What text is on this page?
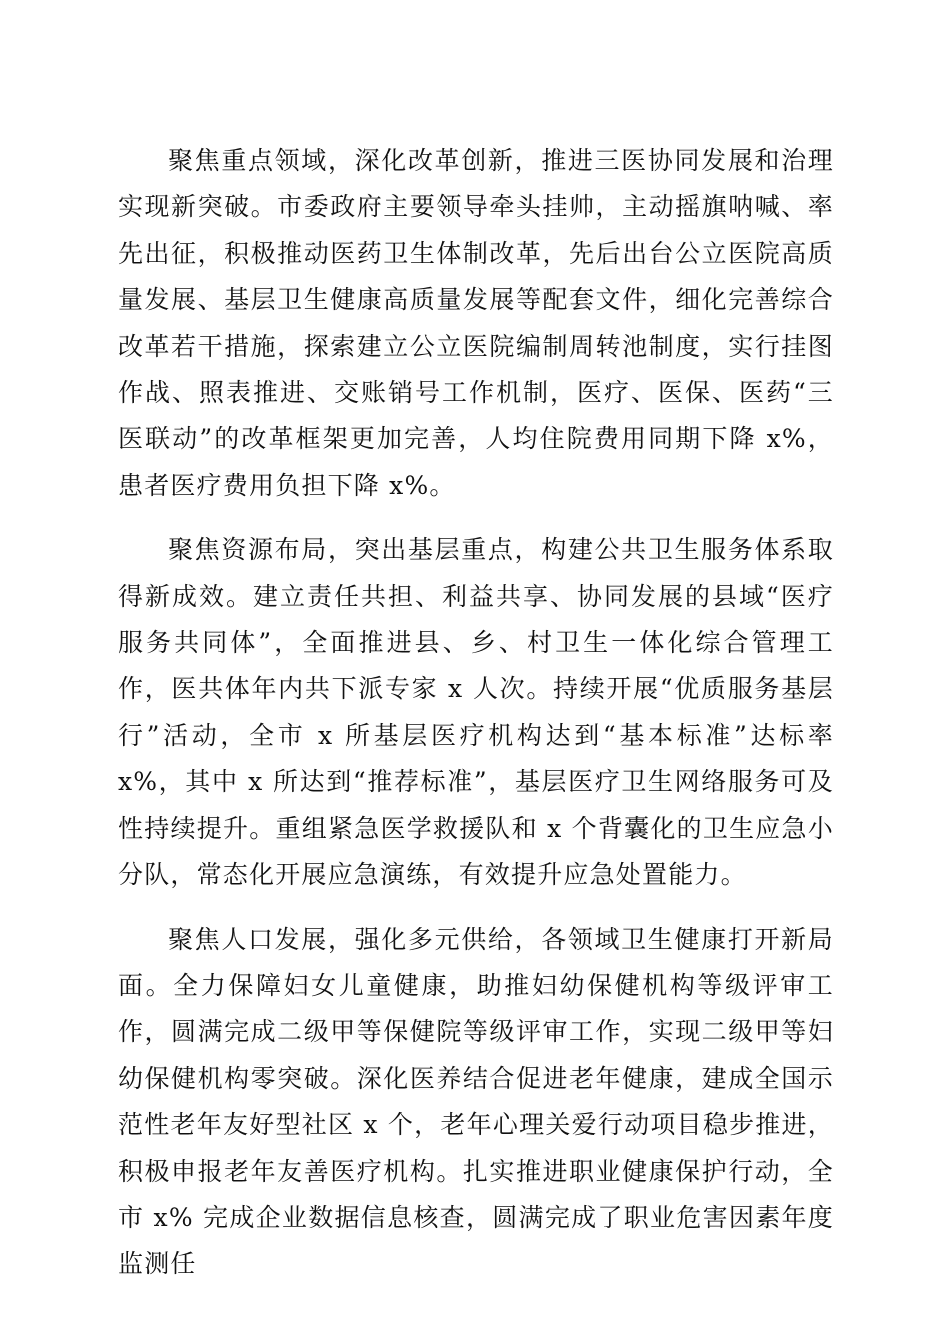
聚焦重点领域，深化改革创新，推进三医协同发展和治理实现新突破。市委政府主要领导牵头挂帅，主动摇旗呐喊、率先出征，积极推动医药卫生体制改革，先后出台公立医院高质量发展、基层卫生健康高质量发展等配套文件，细化完善综合改革若干措施，探索建立公立医院编制周转池制度，实行挂图作战、照表推进、交账销号工作机制，医疗、医保、医药“三医联动”的改革框架更加完善，人均住院费用同期下降 x%，患者医疗费用负担下降 x%。

聚焦资源布局，突出基层重点，构建公共卫生服务体系取得新成效。建立责任共担、利益共享、协同发展的县域“医疗服务共同体”，全面推进县、乡、村卫生一体化综合管理工作，医共体年内共下派专家 x 人次。持续开展“优质服务基层行”活动，全市 x 所基层医疗机构达到“基本标准”达标率 x%，其中 x 所达到“推荐标准”，基层医疗卫生网络服务可及性持续提升。重组紧急医学救援队和 x 个背囊化的卫生应急小分队，常态化开展应急演练，有效提升应急处置能力。

聚焦人口发展，强化多元供给，各领域卫生健康打开新局面。全力保障妇女儿童健康，助推妇幼保健机构等级评审工作，圆满完成二级甲等保健院等级评审工作，实现二级甲等妇幼保健机构零突破。深化医养结合促进老年健康，建成全国示范性老年友好型社区 x 个，老年心理关爱行动项目稳步推进，积极申报老年友善医疗机构。扎实推进职业健康保护行动，全市 x% 完成企业数据信息核查，圆满完成了职业危害因素年度监测任
